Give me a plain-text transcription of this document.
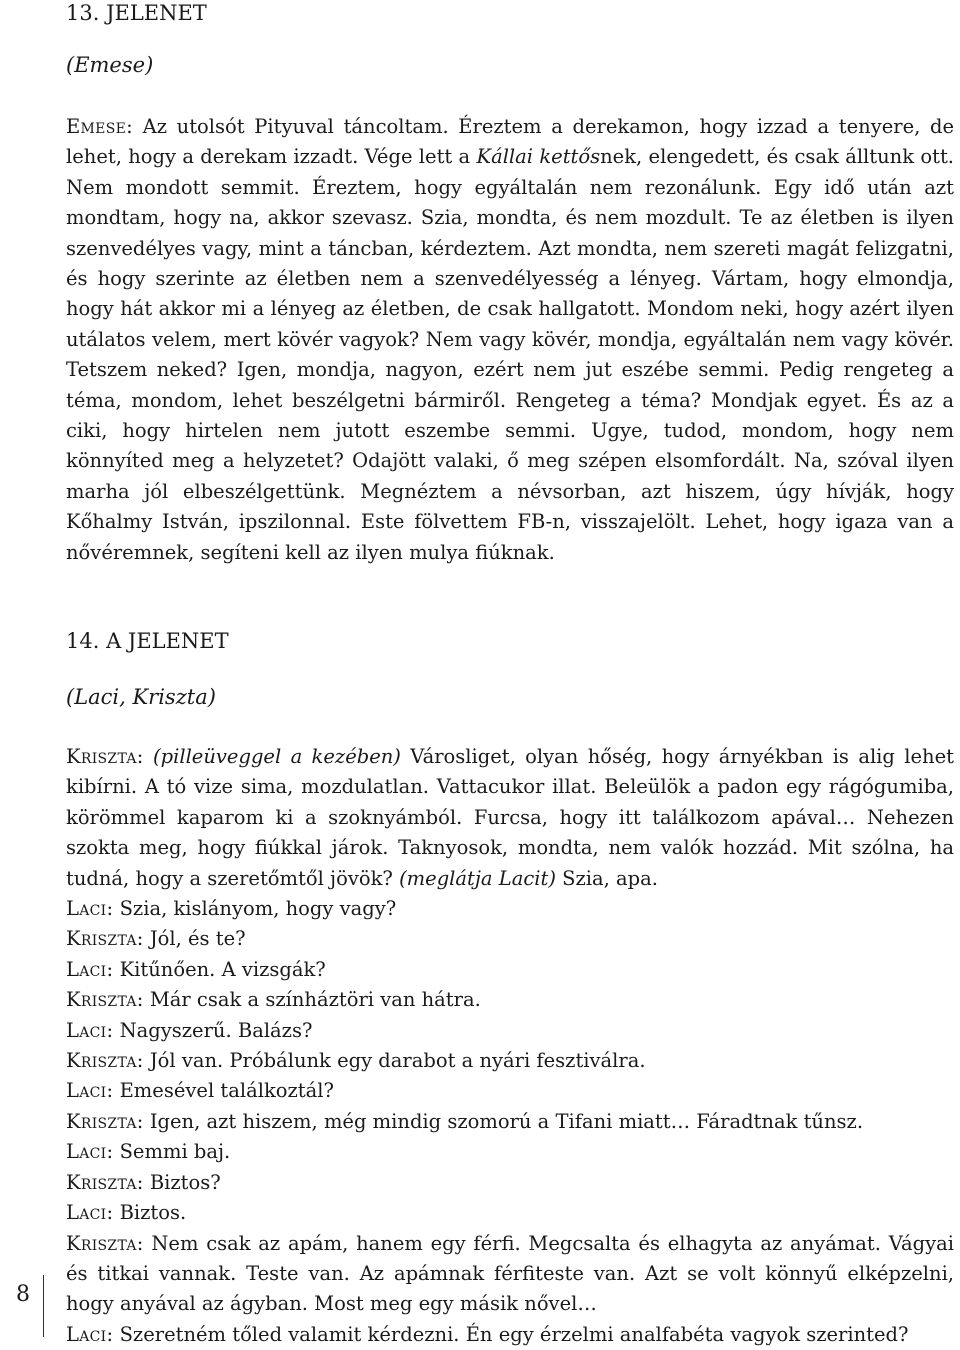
8

13. JELENET

(Emese)

Emese: Az utolsót Pityuval táncoltam. Éreztem a derekamon, hogy izzad a tenyere, de lehet, hogy a derekam izzadt. Vége lett a Kállai kettősnek, elengedett, és csak álltunk ott. Nem mondott semmit. Éreztem, hogy egyáltalán nem rezonálunk. Egy idő után azt mondtam, hogy na, akkor szevasz. Szia, mondta, és nem mozdult. Te az életben is ilyen szenvedélyes vagy, mint a táncban, kérdeztem. Azt mondta, nem szereti magát felizgatni, és hogy szerinte az életben nem a szenvedélyesség a lényeg. Vártam, hogy elmondja, hogy hát akkor mi a lényeg az életben, de csak hallgatott. Mondom neki, hogy azért ilyen utálatos velem, mert kövér vagyok? Nem vagy kövér, mondja, egyáltalán nem vagy kövér. Tetszem neked? Igen, mondja, nagyon, ezért nem jut eszébe semmi. Pedig rengeteg a téma, mondom, lehet beszélgetni bármiről. Rengeteg a téma? Mondjak egyet. És az a ciki, hogy hirtelen nem jutott eszembe semmi. Ugye, tudod, mondom, hogy nem könnyíted meg a helyzetet? Odajött valaki, ő meg szépen elsomfordált. Na, szóval ilyen marha jól elbeszélgettünk. Megnéztem a névsorban, azt hiszem, úgy hívják, hogy Kőhalmy István, ipszilonnal. Este fölvettem FB-n, visszajelölt. Lehet, hogy igaza van a nővéremnek, segíteni kell az ilyen mulya fiúknak.

14. A JELENET

(Laci, Kriszta)

Kriszta: (pilleüveggel a kezében) Városliget, olyan hőség, hogy árnyékban is alig lehet kibírni. A tó vize sima, mozdulatlan. Vattacukor illat. Beleülök a padon egy rágógumiba, körömmel kaparom ki a szoknyámból. Furcsa, hogy itt találkozom apával… Nehezen szokta meg, hogy fiúkkal járok. Taknyosok, mondta, nem valók hozzád. Mit szólna, ha tudná, hogy a szeretőmtől jövök? (meglátja Lacit) Szia, apa.

Laci: Szia, kislányom, hogy vagy?

Kriszta: Jól, és te?

Laci: Kitűnően. A vizsgák?

Kriszta: Már csak a színháztöri van hátra.

Laci: Nagyszerű. Balázs?

Kriszta: Jól van. Próbálunk egy darabot a nyári fesztiválra.

Laci: Emesével találkoztál?

Kriszta: Igen, azt hiszem, még mindig szomorú a Tifani miatt… Fáradtnak tűnsz.

Laci: Semmi baj.

Kriszta: Biztos?

Laci: Biztos.

Kriszta: Nem csak az apám, hanem egy férfi. Megcsalta és elhagyta az anyámat. Vágyai és titkai vannak. Teste van. Az apámnak férfiteste van. Azt se volt könnyű elképzelni, hogy anyával az ágyban. Most meg egy másik nővel…

Laci: Szeretném tőled valamit kérdezni. Én egy érzelmi analfabéta vagyok szerinted?
